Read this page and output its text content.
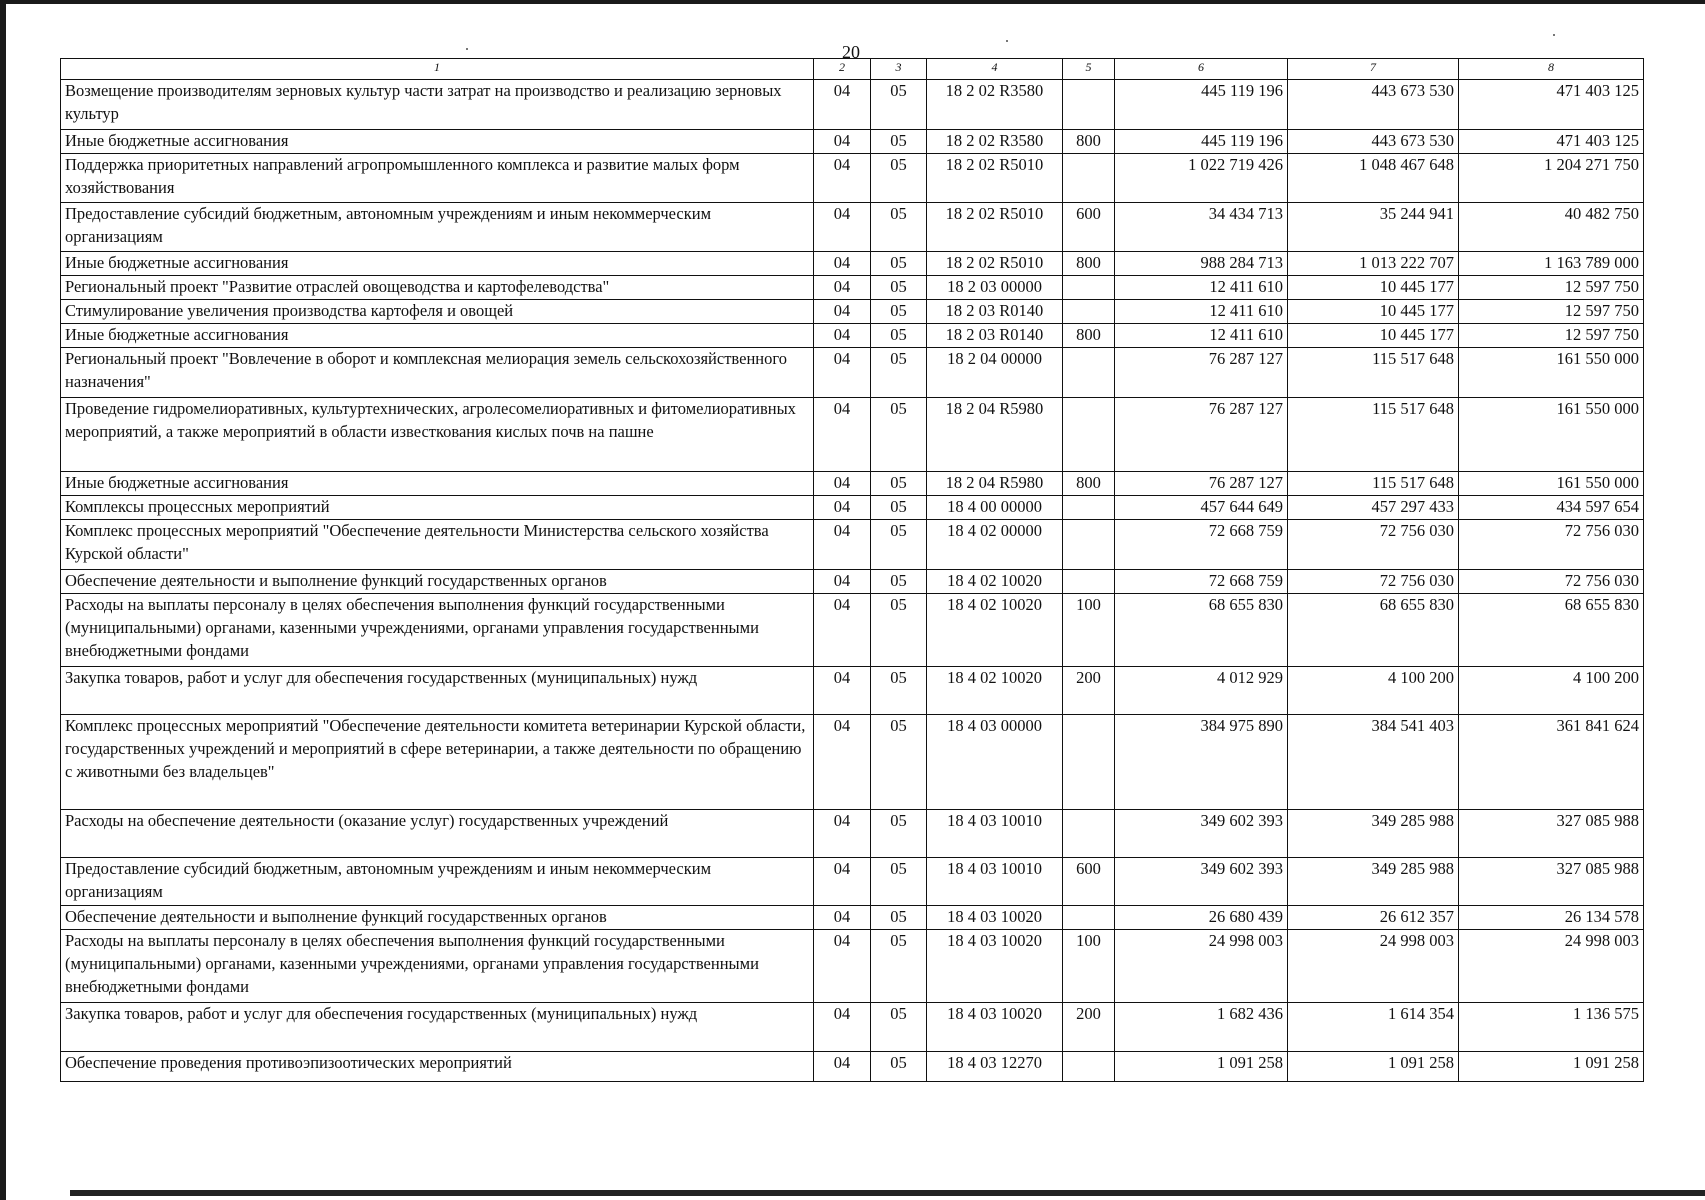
20
1	2	3	4	5	6	7	8
Возмещение производителям зерновых культур части затрат на производство и реализацию зерновых культур	04	05	18 2 02 R3580		445 119 196	443 673 530	471 403 125
Иные бюджетные ассигнования	04	05	18 2 02 R3580	800	445 119 196	443 673 530	471 403 125
Поддержка приоритетных направлений агропромышленного комплекса и развитие малых форм хозяйствования	04	05	18 2 02 R5010		1 022 719 426	1 048 467 648	1 204 271 750
Предоставление субсидий бюджетным, автономным учреждениям и иным некоммерческим организациям	04	05	18 2 02 R5010	600	34 434 713	35 244 941	40 482 750
Иные бюджетные ассигнования	04	05	18 2 02 R5010	800	988 284 713	1 013 222 707	1 163 789 000
Региональный проект "Развитие отраслей овощеводства и картофелеводства"	04	05	18 2 03 00000		12 411 610	10 445 177	12 597 750
Стимулирование увеличения производства картофеля и овощей	04	05	18 2 03 R0140		12 411 610	10 445 177	12 597 750
Иные бюджетные ассигнования	04	05	18 2 03 R0140	800	12 411 610	10 445 177	12 597 750
Региональный проект "Вовлечение в оборот и комплексная мелиорация земель сельскохозяйственного назначения"	04	05	18 2 04 00000		76 287 127	115 517 648	161 550 000
Проведение гидромелиоративных, культуртехнических, агролесомелиоративных и фитомелиоративных мероприятий, а также мероприятий в области известкования кислых почв на пашне	04	05	18 2 04 R5980		76 287 127	115 517 648	161 550 000
Иные бюджетные ассигнования	04	05	18 2 04 R5980	800	76 287 127	115 517 648	161 550 000
Комплексы процессных мероприятий	04	05	18 4 00 00000		457 644 649	457 297 433	434 597 654
Комплекс процессных мероприятий "Обеспечение деятельности Министерства сельского хозяйства Курской области"	04	05	18 4 02 00000		72 668 759	72 756 030	72 756 030
Обеспечение деятельности и выполнение функций государственных органов	04	05	18 4 02 10020		72 668 759	72 756 030	72 756 030
Расходы на выплаты персоналу в целях обеспечения выполнения функций государственными (муниципальными) органами, казенными учреждениями, органами управления государственными внебюджетными фондами	04	05	18 4 02 10020	100	68 655 830	68 655 830	68 655 830
Закупка товаров, работ и услуг для обеспечения государственных (муниципальных) нужд	04	05	18 4 02 10020	200	4 012 929	4 100 200	4 100 200
Комплекс процессных мероприятий "Обеспечение деятельности комитета ветеринарии Курской области, государственных учреждений и мероприятий в сфере ветеринарии, а также деятельности по обращению с животными без владельцев"	04	05	18 4 03 00000		384 975 890	384 541 403	361 841 624
Расходы на обеспечение деятельности (оказание услуг) государственных учреждений	04	05	18 4 03 10010		349 602 393	349 285 988	327 085 988
Предоставление субсидий бюджетным, автономным учреждениям и иным некоммерческим организациям	04	05	18 4 03 10010	600	349 602 393	349 285 988	327 085 988
Обеспечение деятельности и выполнение функций государственных органов	04	05	18 4 03 10020		26 680 439	26 612 357	26 134 578
Расходы на выплаты персоналу в целях обеспечения выполнения функций государственными (муниципальными) органами, казенными учреждениями, органами управления государственными внебюджетными фондами	04	05	18 4 03 10020	100	24 998 003	24 998 003	24 998 003
Закупка товаров, работ и услуг для обеспечения государственных (муниципальных) нужд	04	05	18 4 03 10020	200	1 682 436	1 614 354	1 136 575
Обеспечение проведения противоэпизоотических мероприятий	04	05	18 4 03 12270		1 091 258	1 091 258	1 091 258
